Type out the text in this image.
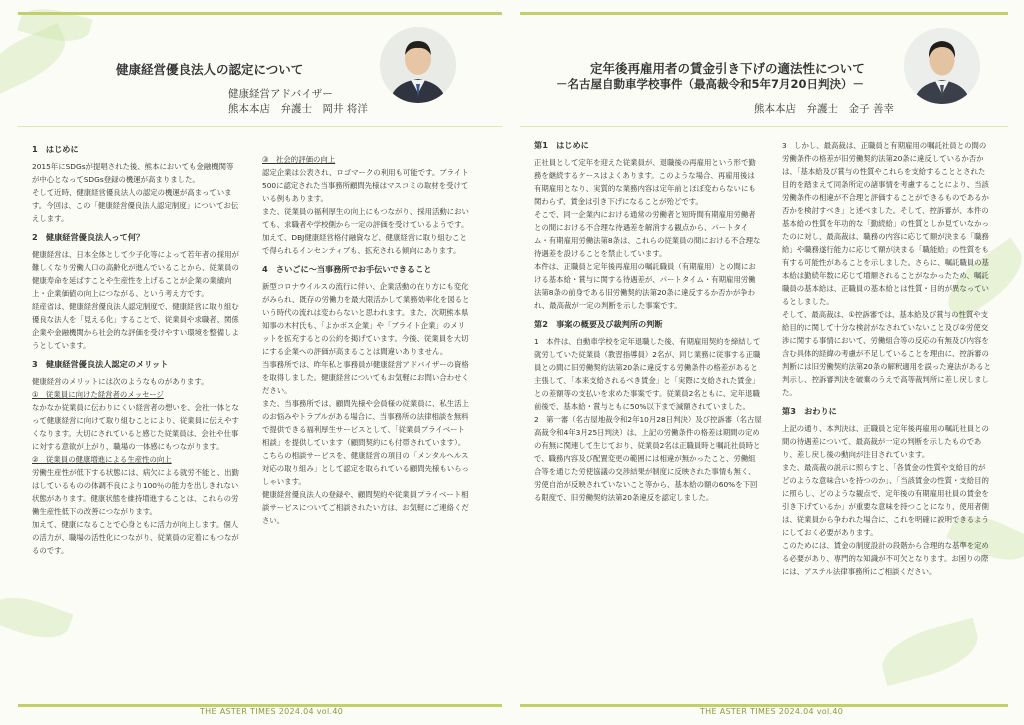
健康経営優良法人の認定について
健康経営アドバイザー
熊本本店　弁護士　岡井 将洋
1　はじめに

2015年にSDGsが提唱された後、熊本においても金融機関等が中心となってSDGs登録の機運が高まりました。

そして近時、健康経営優良法人の認定の機運が高まっています。今回は、この「健康経営優良法人認定制度」についてお伝えします。

2　健康経営優良法人って何？

健康経営は、日本全体として少子化等によって若年者の採用が難しくなり労働人口の高齢化が進んでいることから、従業員の健康寿命を延ばすことや生産性を上げることが企業の業績向上・企業価値の向上につながる、という考え方です。

経産省は、健康経営優良法人認定制度で、健康経営に取り組む優良な法人を「見える化」することで、従業員や求職者、関係企業や金融機関から社会的な評価を受けやすい環境を整備しようとしています。

3　健康経営優良法人認定のメリット

健康経営のメリットには次のようなものがあります。

①　従業員に向けた経営者のメッセージ

なかなか従業員に伝わりにくい経営者の想いを、会社一体となって健康経営に向けて取り組むことにより、従業員に伝えやすくなります。大切にされていると感じた従業員は、会社や仕事に対する意欲が上がり、職場の一体感にもつながります。

②　従業員の健康増進による生産性の向上

労働生産性が低下する状態には、病欠による就労不能と、出勤はしているものの体調不良により100％の能力を出しきれない状態があります。健康状態を維持増進することは、これらの労働生産性低下の改善につながります。

加えて、健康になることで心身ともに活力が向上します。個人の活力が、職場の活性化につながり、従業員の定着にもつながるのです。

③　社会的評価の向上

認定企業は公表され、ロゴマークの利用も可能です。ブライト500に認定された当事務所顧問先様はマスコミの取材を受けている例もあります。

また、従業員の福利厚生の向上にもつながり、採用活動においても、求職者や学校側から一定の評価を受けているようです。

加えて、DBJ健康経営格付融資など、健康経営に取り組むことで得られるインセンティブも、拡充される傾向にあります。

4　さいごに～当事務所でお手伝いできること

新型コロナウイルスの流行に伴い、企業活動の在り方にも変化がみられ、既存の労働力を最大限活かして業務効率化を図るという時代の流れは変わらないと思われます。また、次期熊本県知事の木村氏も、「よかボス企業」や「ブライト企業」のメリットを拡充するとの公約を掲げています。今後、従業員を大切にする企業への評価が高まることは間違いありません。

当事務所では、昨年私と事務員が健康経営アドバイザーの資格を取得しました。健康経営についてもお気軽にお問い合わせください。

また、当事務所では、顧問先様や会員様の従業員に、私生活上のお悩みやトラブルがある場合に、当事務所の法律相談を無料で提供できる福利厚生サービスとして、「従業員プライベート相談」を提供しています（顧問契約にも付帯されています）。こちらの相談サービスを、健康経営の項目の「メンタルヘルス対応の取り組み」として認定を取られている顧問先様もいらっしゃいます。

健康経営優良法人の登録や、顧問契約や従業員プライベート相談サービスについてご相談されたい方は、お気軽にご連絡ください。

THE ASTER TIMES 2024.04 vol.40
定年後再雇用者の賃金引き下げの適法性について
－名古屋自動車学校事件（最高裁令和5年7月20日判決）－
熊本本店　弁護士　金子 善幸
第1　はじめに

正社員として定年を迎えた従業員が、退職後の再雇用という形で勤務を継続するケースはよくあります。このような場合、再雇用後は有期雇用となり、実質的な業務内容は定年前とほぼ変わらないにも関わらず、賃金は引き下げになることが殆どです。

そこで、同一企業内における通常の労働者と短時間有期雇用労働者との間における不合理な待遇差を解消する観点から、パートタイム・有期雇用労働法第8条は、これらの従業員の間における不合理な待遇差を設けることを禁止しています。

本件は、正職員と定年後再雇用の嘱託職員（有期雇用）との間における基本給・賞与に関する待遇差が、パートタイム・有期雇用労働法第8条の前身である旧労働契約法第20条に違反するか否かが争われ、最高裁が一定の判断を示した事案です。

第2　事案の概要及び裁判所の判断

1　本件は、自動車学校を定年退職した後、有期雇用契約を締結して就労していた従業員（教習指導員）2名が、同じ業務に従事する正職員との間に旧労働契約法第20条に違反する労働条件の格差があると主張して、「本来支給されるべき賃金」と「実際に支給された賃金」との差額等の支払いを求めた事案です。従業員2名ともに、定年退職前後で、基本給・賞与ともに50%以下まで減額されていました。

2　第一審（名古屋地裁令和2年10月28日判決）及び控訴審（名古屋高裁令和4年3月25日判決）は、上記の労働条件の格差は期間の定めの有無に関連して生じており、従業員2名は正職員時と嘱託社員時とで、職務内容及び配置変更の範囲には相違が無かったこと、労働組合等を通じた労使協議の交渉結果が制度に反映された事情も無く、労使自治が反映されていないこと等から、基本給の額の60%を下回る限度で、旧労働契約法第20条違反を認定しました。

3　しかし、最高裁は、正職員と有期雇用の嘱託社員との間の労働条件の格差が旧労働契約法第20条に違反しているか否かは、「基本給及び賞与の性質やこれらを支給することとされた目的を踏まえて同条所定の諸事情を考慮することにより、当該労働条件の相違が不合理と評価することができるものであるか否かを検討すべき」と述べました。そして、控訴審が、本件の基本給の性質を年功的な「勤続給」の性質としか見ていなかったのに対し、最高裁は、職務の内容に応じて額が決まる「職務給」や職務遂行能力に応じて額が決まる「職能給」の性質をも有する可能性があることを示しました。さらに、嘱託職員の基本給は勤続年数に応じて増額されることがなかったため、嘱託職員の基本給は、正職員の基本給とは性質・目的が異なっているとしました。

そして、最高裁は、①控訴審では、基本給及び賞与の性質や支給目的に関して十分な検討がなされていないこと及び②労使交渉に関する事情において、労働組合等の反応の有無及び内容を含む具体的経緯の考慮が不足していることを理由に、控訴審の判断には旧労働契約法第20条の解釈適用を誤った違法があると判示し、控訴審判決を破棄のうえで高等裁判所に差し戻しました。

第3　おわりに

上記の通り、本判決は、正職員と定年後再雇用の嘱託社員との間の待遇差について、最高裁が一定の判断を示したものであり、差し戻し後の動向が注目されています。

また、最高裁の説示に照らすと、「各賃金の性質や支給目的がどのような意味合いを持つのか」、「当該賃金の性質・支給目的に照らし、どのような観点で、定年後の有期雇用社員の賃金を引き下げているか」が重要な意味を持つことになり、使用者側は、従業員から争われた場合に、これを明確に説明できるようにしておく必要があります。

このためには、賃金の制度設計の段階から合理的な基準を定める必要があり、専門的な知識が不可欠となります。お困りの際には、アステル法律事務所にご相談ください。

THE ASTER TIMES 2024.04 vol.40
